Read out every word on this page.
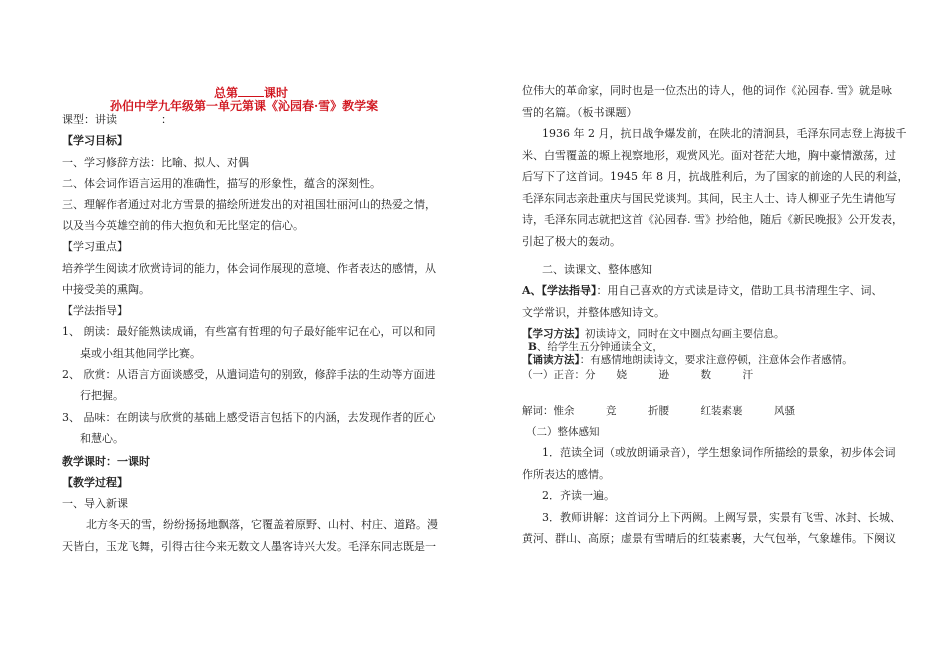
总第 课时
孙伯中学九年级第一单元第课《沁园春·雪》教学案
课型：讲读　　　　：
【学习目标】
一、学习修辞方法：比喻、拟人、对偶
二、体会词作语言运用的准确性，描写的形象性，蕴含的深刻性。
三、理解作者通过对北方雪景的描绘所迸发出的对祖国壮丽河山的热爱之情，
以及当今英雄空前的伟大抱负和无比坚定的信心。
【学习重点】
培养学生阅读才欣赏诗词的能力，体会词作展现的意境、作者表达的感情，从
中接受美的熏陶。
【学法指导】
1、 朗读：最好能熟读成诵，有些富有哲理的句子最好能牢记在心，可以和同
桌或小组其他同学比赛。
2、 欣赏：从语言方面谈感受，从遣词造句的别致，修辞手法的生动等方面进
行把握。
3、 品味：在朗读与欣赏的基础上感受语言包括下的内涵，去发现作者的匠心
和慧心。
教学课时：一课时
【教学过程】
一、导入新课
北方冬天的雪，纷纷扬扬地飘落，它覆盖着原野、山村、村庄、道路。漫
天皆白，玉龙飞舞，引得古往今来无数文人墨客诗兴大发。毛泽东同志既是一
位伟大的革命家，同时也是一位杰出的诗人，他的词作《沁园春. 雪》就是咏
雪的名篇。（板书课题）
1936 年 2 月，抗日战争爆发前，在陕北的清涧县，毛泽东同志登上海拔千
米、白雪覆盖的塬上视察地形，观赏风光。面对苍茫大地，胸中豪情激荡，过
后写下了这首词。1945 年 8 月，抗战胜利后，为了国家的前途的人民的利益，
毛泽东同志亲赴重庆与国民党谈判。其间，民主人士、诗人柳亚子先生请他写
诗，毛泽东同志就把这首《沁园春. 雪》抄给他，随后《新民晚报》公开发表，
引起了极大的轰动。
二、读课文、整体感知
A、【学法指导】：用自己喜欢的方式读是诗文，借助工具书清理生字、词、
文学常识，并整体感知诗文。
【学习方法】初读诗文，同时在文中圈点勾画主要信息。
B、给学生五分钟通读全文，
【诵读方法】：有感情地朗读诗文，要求注意停顿，注意体会作者感情。
（一）正音：分　　娆　　　逊　　　数　　　汗
解词：惟余　　　竞　　　折腰　　　红装素裹　　　风骚
（二）整体感知
1．范读全词（或放朗诵录音），学生想象词作所描绘的景象，初步体会词
作所表达的感情。
2．齐读一遍。
3．教师讲解：这首词分上下两阙。上阙写景，实景有飞雪、冰封、长城、
黄河、群山、高原；虚景有雪晴后的红装素裹，大气包举，气象雄伟。下阕议
